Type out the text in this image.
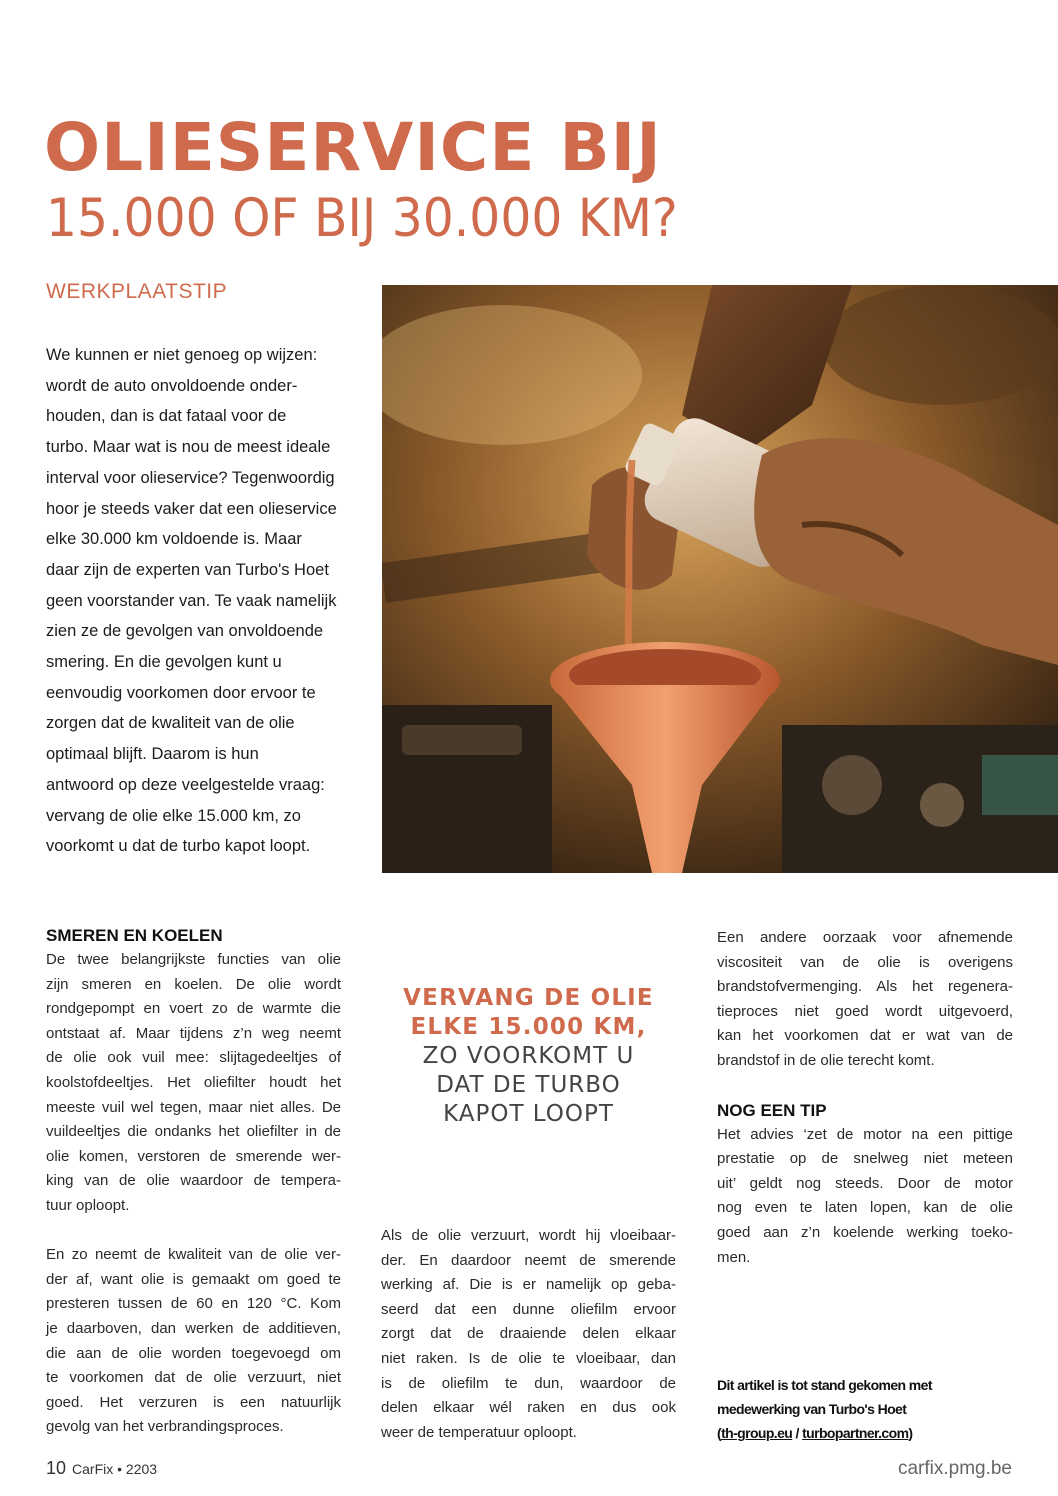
OLIESERVICE BIJ
15.000 OF BIJ 30.000 KM?
WERKPLAATSTIP

We kunnen er niet genoeg op wijzen:
wordt de auto onvoldoende onder-
houden, dan is dat fataal voor de
turbo. Maar wat is nou de meest ideale
interval voor olieservice? Tegenwoordig
hoor je steeds vaker dat een olieservice
elke 30.000 km voldoende is. Maar
daar zijn de experten van Turbo's Hoet
geen voorstander van. Te vaak namelijk
zien ze de gevolgen van onvoldoende
smering. En die gevolgen kunt u
eenvoudig voorkomen door ervoor te
zorgen dat de kwaliteit van de olie
optimaal blijft. Daarom is hun
antwoord op deze veelgestelde vraag:
vervang de olie elke 15.000 km, zo
voorkomt u dat de turbo kapot loopt.

SMEREN EN KOELEN

De twee belangrijkste functies van olie
zijn smeren en koelen. De olie wordt
rondgepompt en voert zo de warmte die
ontstaat af. Maar tijdens z’n weg neemt
de olie ook vuil mee: slijtagedeeltjes of
koolstofdeeltjes. Het oliefilter houdt het
meeste vuil wel tegen, maar niet alles. De
vuildeeltjes die ondanks het oliefilter in de
olie komen, verstoren de smerende wer-
king van de olie waardoor de tempera-
tuur oploopt.

En zo neemt de kwaliteit van de olie ver-
der af, want olie is gemaakt om goed te
presteren tussen de 60 en 120 °C. Kom
je daarboven, dan werken de additieven,
die aan de olie worden toegevoegd om
te voorkomen dat de olie verzuurt, niet
goed. Het verzuren is een natuurlijk
gevolg van het verbrandingsproces.

VERVANG DE OLIE
ELKE 15.000 KM,
ZO VOORKOMT U
DAT DE TURBO
KAPOT LOOPT

Als de olie verzuurt, wordt hij vloeibaar-
der. En daardoor neemt de smerende
werking af. Die is er namelijk op geba-
seerd dat een dunne oliefilm ervoor
zorgt dat de draaiende delen elkaar
niet raken. Is de olie te vloeibaar, dan
is de oliefilm te dun, waardoor de
delen elkaar wél raken en dus ook
weer de temperatuur oploopt.

Een andere oorzaak voor afnemende
viscositeit van de olie is overigens
brandstofvermenging. Als het regenera-
tieproces niet goed wordt uitgevoerd,
kan het voorkomen dat er wat van de
brandstof in de olie terecht komt.

NOG EEN TIP

Het advies ‘zet de motor na een pittige
prestatie op de snelweg niet meteen
uit’ geldt nog steeds. Door de motor
nog even te laten lopen, kan de olie
goed aan z’n koelende werking toeko-
men.

Dit artikel is tot stand gekomen met
medewerking van Turbo's Hoet
(th-group.eu / turbopartner.com)
10 CarFix • 2203	carfix.pmg.be
